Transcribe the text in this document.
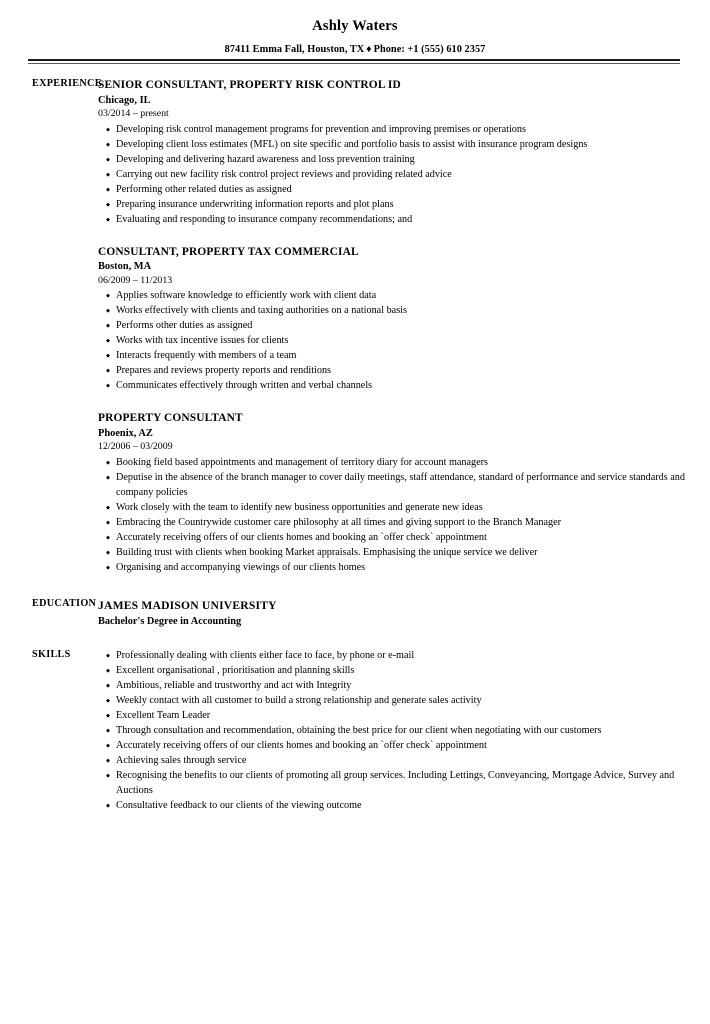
Ashly Waters
87411 Emma Fall, Houston, TX ♦ Phone: +1 (555) 610 2357
EXPERIENCE
SENIOR CONSULTANT, PROPERTY RISK CONTROL ID
Chicago, IL
03/2014 – present
◆ Developing risk control management programs for prevention and improving premises or operations
◆ Developing client loss estimates (MFL) on site specific and portfolio basis to assist with insurance program designs
◆ Developing and delivering hazard awareness and loss prevention training
◆ Carrying out new facility risk control project reviews and providing related advice
◆ Performing other related duties as assigned
◆ Preparing insurance underwriting information reports and plot plans
◆ Evaluating and responding to insurance company recommendations; and
CONSULTANT, PROPERTY TAX COMMERCIAL
Boston, MA
06/2009 – 11/2013
◆ Applies software knowledge to efficiently work with client data
◆ Works effectively with clients and taxing authorities on a national basis
◆ Performs other duties as assigned
◆ Works with tax incentive issues for clients
◆ Interacts frequently with members of a team
◆ Prepares and reviews property reports and renditions
◆ Communicates effectively through written and verbal channels
PROPERTY CONSULTANT
Phoenix, AZ
12/2006 – 03/2009
◆ Booking field based appointments and management of territory diary for account managers
◆ Deputise in the absence of the branch manager to cover daily meetings, staff attendance, standard of performance and service standards and company policies
◆ Work closely with the team to identify new business opportunities and generate new ideas
◆ Embracing the Countrywide customer care philosophy at all times and giving support to the Branch Manager
◆ Accurately receiving offers of our clients homes and booking an `offer check` appointment
◆ Building trust with clients when booking Market appraisals. Emphasising the unique service we deliver
◆ Organising and accompanying viewings of our clients homes
EDUCATION JAMES MADISON UNIVERSITY
Bachelor's Degree in Accounting
SKILLS	◆ Professionally dealing with clients either face to face, by phone or e-mail
◆ Excellent organisational , prioritisation and planning skills
◆ Ambitious, reliable and trustworthy and act with Integrity
◆ Weekly contact with all customer to build a strong relationship and generate sales activity
◆ Excellent Team Leader
◆ Through consultation and recommendation, obtaining the best price for our client when negotiating with our customers
◆ Accurately receiving offers of our clients homes and booking an `offer check` appointment
◆ Achieving sales through service
◆ Recognising the benefits to our clients of promoting all group services. Including Lettings, Conveyancing, Mortgage Advice, Survey and Auctions
◆ Consultative feedback to our clients of the viewing outcome
